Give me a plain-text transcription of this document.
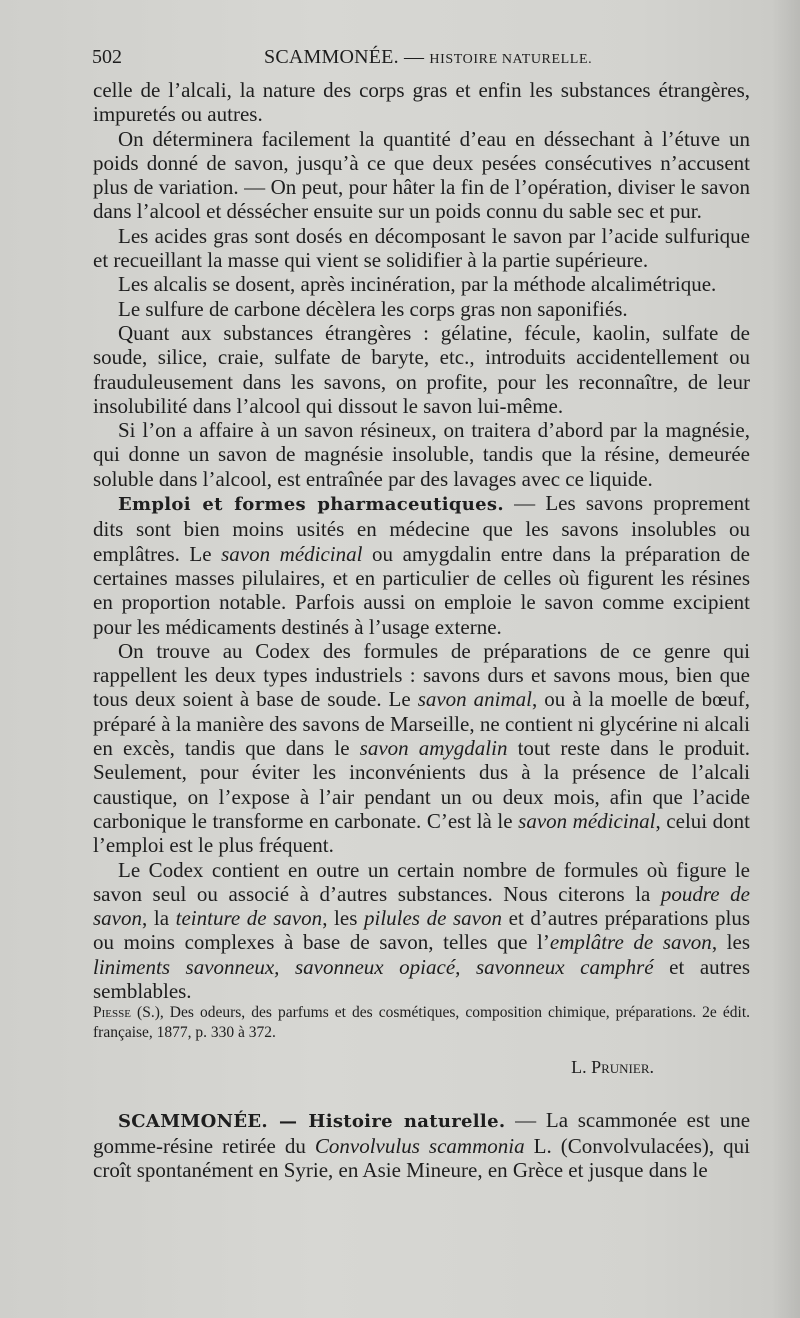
502	SCAMMONÉE. — HISTOIRE NATURELLE.

celle de l’alcali, la nature des corps gras et enfin les substances étrangères, impuretés ou autres.

On déterminera facilement la quantité d’eau en déssechant à l’étuve un poids donné de savon, jusqu’à ce que deux pesées consécutives n’accusent plus de variation. — On peut, pour hâter la fin de l’opération, diviser le savon dans l’alcool et déssécher ensuite sur un poids connu du sable sec et pur.

Les acides gras sont dosés en décomposant le savon par l’acide sulfurique et recueillant la masse qui vient se solidifier à la partie supérieure.

Les alcalis se dosent, après incinération, par la méthode alcalimétrique.

Le sulfure de carbone décèlera les corps gras non saponifiés.

Quant aux substances étrangères : gélatine, fécule, kaolin, sulfate de soude, silice, craie, sulfate de baryte, etc., introduits accidentellement ou frauduleusement dans les savons, on profite, pour les reconnaître, de leur insolubilité dans l’alcool qui dissout le savon lui-même.

Si l’on a affaire à un savon résineux, on traitera d’abord par la magnésie, qui donne un savon de magnésie insoluble, tandis que la résine, demeurée soluble dans l’alcool, est entraînée par des lavages avec ce liquide.

Emploi et formes pharmaceutiques. — Les savons proprement dits sont bien moins usités en médecine que les savons insolubles ou emplâtres. Le savon médicinal ou amygdalin entre dans la préparation de certaines masses pilulaires, et en particulier de celles où figurent les résines en proportion notable. Parfois aussi on emploie le savon comme excipient pour les médicaments destinés à l’usage externe.

On trouve au Codex des formules de préparations de ce genre qui rappellent les deux types industriels : savons durs et savons mous, bien que tous deux soient à base de soude. Le savon animal, ou à la moelle de bœuf, préparé à la manière des savons de Marseille, ne contient ni glycérine ni alcali en excès, tandis que dans le savon amygdalin tout reste dans le produit. Seulement, pour éviter les inconvénients dus à la présence de l’alcali caustique, on l’expose à l’air pendant un ou deux mois, afin que l’acide carbonique le transforme en carbonate. C’est là le savon médicinal, celui dont l’emploi est le plus fréquent.

Le Codex contient en outre un certain nombre de formules où figure le savon seul ou associé à d’autres substances. Nous citerons la poudre de savon, la teinture de savon, les pilules de savon et d’autres préparations plus ou moins complexes à base de savon, telles que l’emplâtre de savon, les liniments savonneux, savonneux opiacé, savonneux camphré et autres semblables.

Piesse (S.), Des odeurs, des parfums et des cosmétiques, composition chimique, préparations. 2e édit. française, 1877, p. 330 à 372.

L. Prunier.

SCAMMONÉE. — Histoire naturelle. — La scammonée est une gomme-résine retirée du Convolvulus scammonia L. (Convolvulacées), qui croît spontanément en Syrie, en Asie Mineure, en Grèce et jusque dans le
